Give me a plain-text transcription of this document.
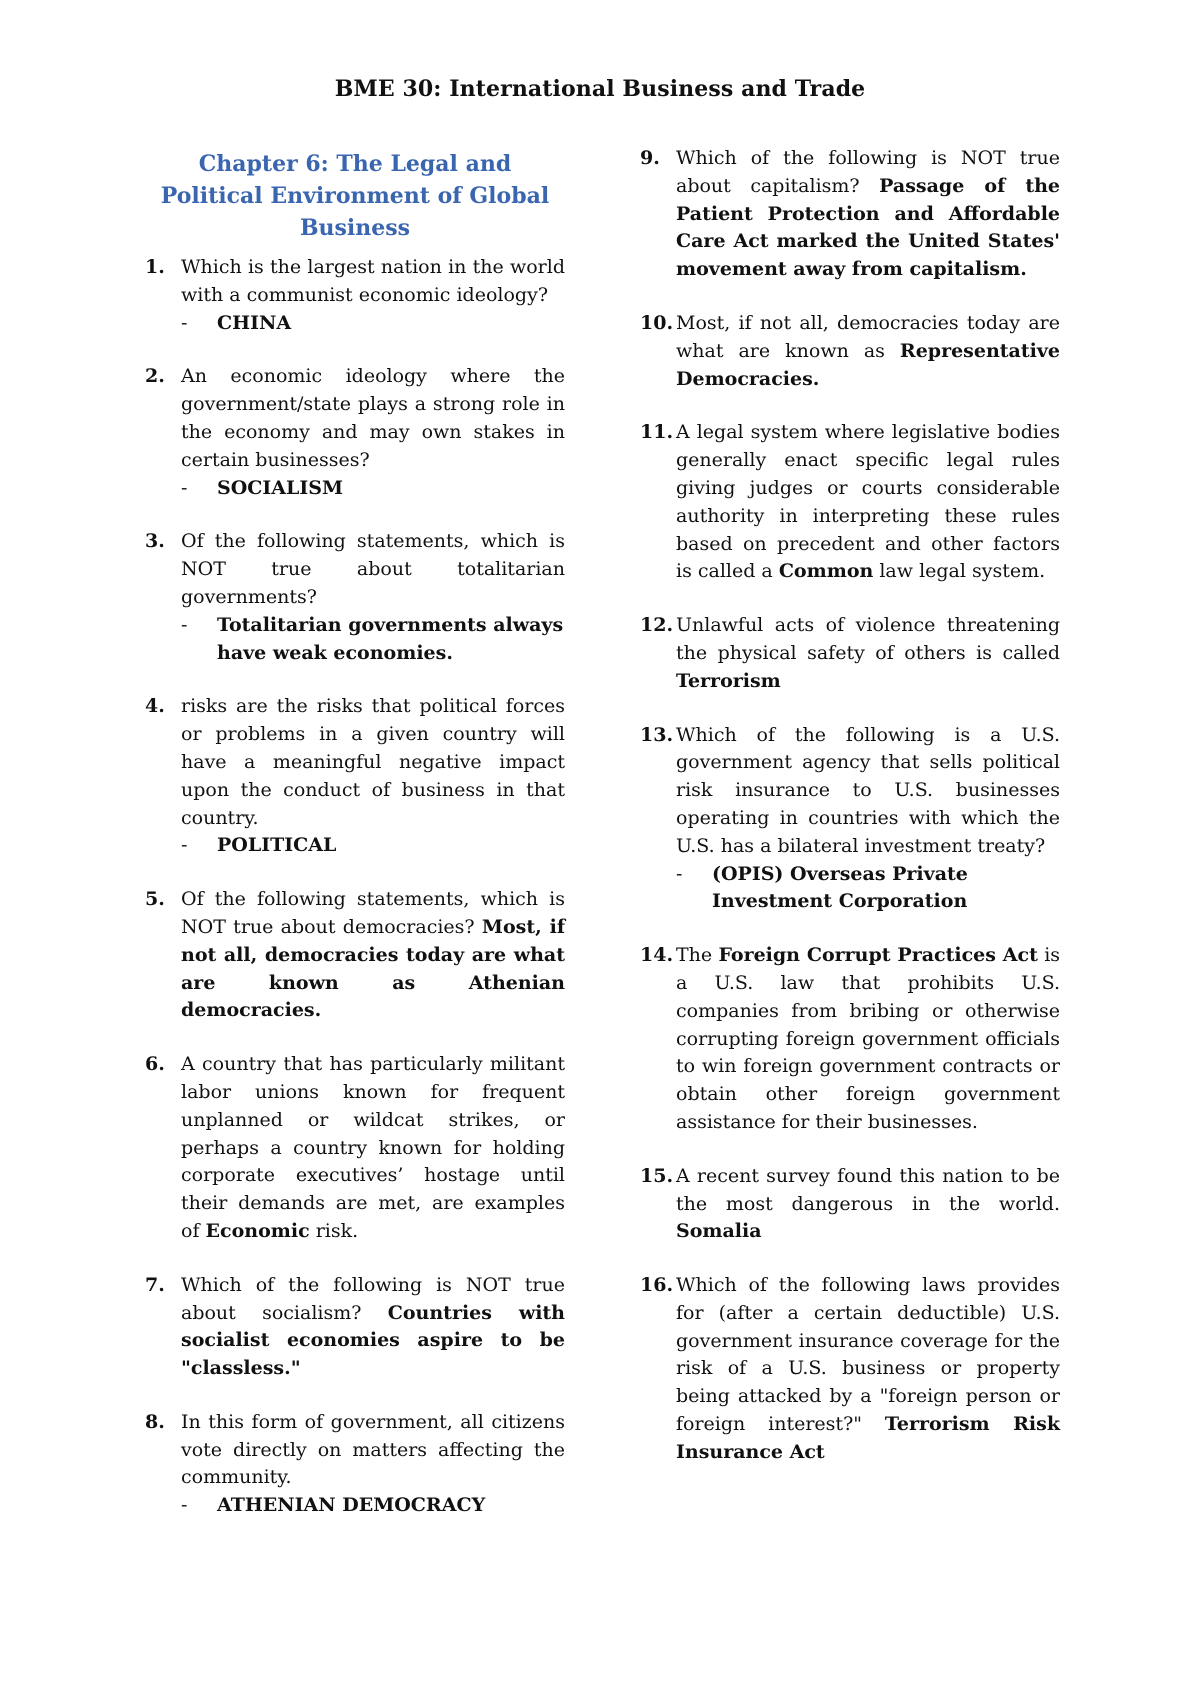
BME 30: International Business and Trade
Chapter 6: The Legal and Political Environment of Global Business
1. Which is the largest nation in the world with a communist economic ideology?
- CHINA
2. An economic ideology where the government/state plays a strong role in the economy and may own stakes in certain businesses?
- SOCIALISM
3. Of the following statements, which is NOT true about totalitarian governments?
- Totalitarian governments always have weak economies.
4. risks are the risks that political forces or problems in a given country will have a meaningful negative impact upon the conduct of business in that country.
- POLITICAL
5. Of the following statements, which is NOT true about democracies? Most, if not all, democracies today are what are known as Athenian democracies.
6. A country that has particularly militant labor unions known for frequent unplanned or wildcat strikes, or perhaps a country known for holding corporate executives’ hostage until their demands are met, are examples of Economic risk.
7. Which of the following is NOT true about socialism? Countries with socialist economies aspire to be "classless."
8. In this form of government, all citizens vote directly on matters affecting the community.
- ATHENIAN DEMOCRACY
9. Which of the following is NOT true about capitalism? Passage of the Patient Protection and Affordable Care Act marked the United States' movement away from capitalism.
10. Most, if not all, democracies today are what are known as Representative Democracies.
11. A legal system where legislative bodies generally enact specific legal rules giving judges or courts considerable authority in interpreting these rules based on precedent and other factors is called a Common law legal system.
12. Unlawful acts of violence threatening the physical safety of others is called Terrorism
13. Which of the following is a U.S. government agency that sells political risk insurance to U.S. businesses operating in countries with which the U.S. has a bilateral investment treaty?
- (OPIS) Overseas Private Investment Corporation
14. The Foreign Corrupt Practices Act is a U.S. law that prohibits U.S. companies from bribing or otherwise corrupting foreign government officials to win foreign government contracts or obtain other foreign government assistance for their businesses.
15. A recent survey found this nation to be the most dangerous in the world. Somalia
16. Which of the following laws provides for (after a certain deductible) U.S. government insurance coverage for the risk of a U.S. business or property being attacked by a "foreign person or foreign interest?" Terrorism Risk Insurance Act
